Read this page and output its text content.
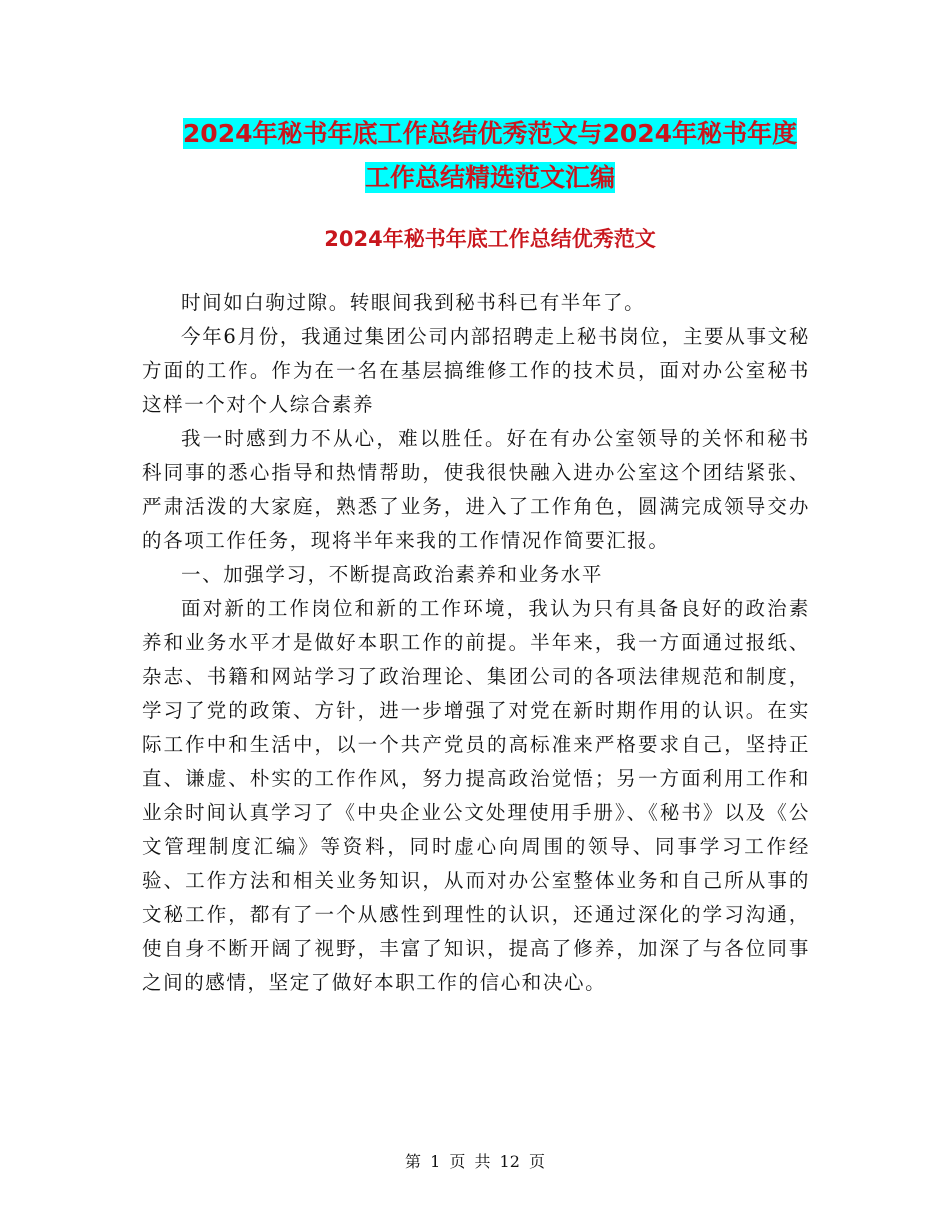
2024年秘书年底工作总结优秀范文与2024年秘书年度
工作总结精选范文汇编
2024年秘书年底工作总结优秀范文

时间如白驹过隙。转眼间我到秘书科已有半年了。

今年6月份，我通过集团公司内部招聘走上秘书岗位，主要从事文秘方面的工作。作为在一名在基层搞维修工作的技术员，面对办公室秘书这样一个对个人综合素养

我一时感到力不从心，难以胜任。好在有办公室领导的关怀和秘书科同事的悉心指导和热情帮助，使我很快融入进办公室这个团结紧张、严肃活泼的大家庭，熟悉了业务，进入了工作角色，圆满完成领导交办的各项工作任务，现将半年来我的工作情况作简要汇报。

一、加强学习，不断提高政治素养和业务水平

面对新的工作岗位和新的工作环境，我认为只有具备良好的政治素养和业务水平才是做好本职工作的前提。半年来，我一方面通过报纸、杂志、书籍和网站学习了政治理论、集团公司的各项法律规范和制度，学习了党的政策、方针，进一步增强了对党在新时期作用的认识。在实际工作中和生活中，以一个共产党员的高标准来严格要求自己，坚持正直、谦虚、朴实的工作作风，努力提高政治觉悟；另一方面利用工作和业余时间认真学习了《中央企业公文处理使用手册》、《秘书》以及《公文管理制度汇编》等资料，同时虚心向周围的领导、同事学习工作经验、工作方法和相关业务知识，从而对办公室整体业务和自己所从事的文秘工作，都有了一个从感性到理性的认识，还通过深化的学习沟通，使自身不断开阔了视野，丰富了知识，提高了修养，加深了与各位同事之间的感情，坚定了做好本职工作的信心和决心。

第 1 页 共 12 页
